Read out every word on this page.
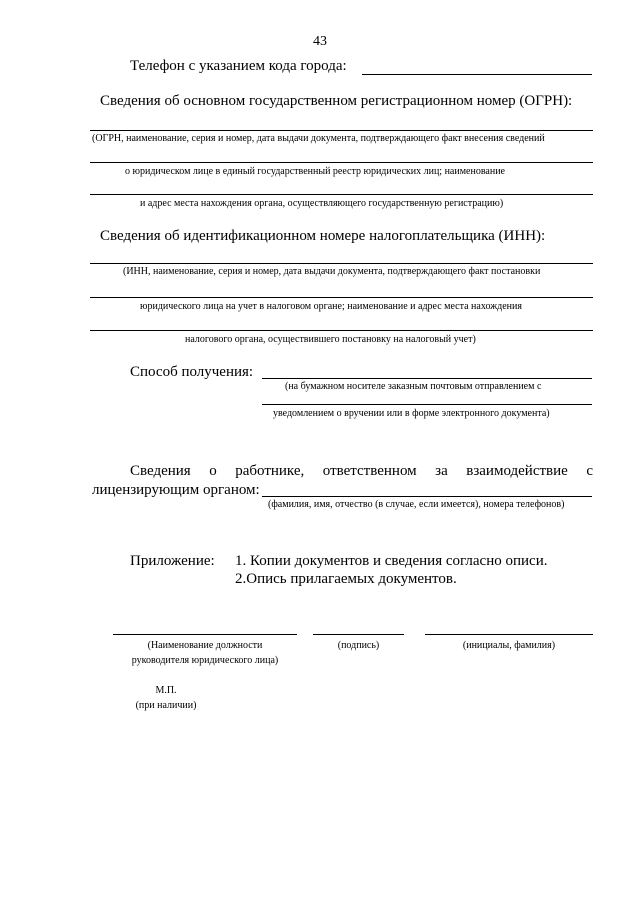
43
Телефон с указанием кода города:
Сведения об основном государственном регистрационном номер (ОГРН):
(ОГРН, наименование, серия и номер, дата выдачи документа, подтверждающего факт внесения сведений
о юридическом лице в единый государственный реестр юридических лиц; наименование
и адрес места нахождения органа, осуществляющего государственную регистрацию)
Сведения об идентификационном номере налогоплательщика (ИНН):
(ИНН, наименование, серия и номер, дата выдачи документа, подтверждающего факт постановки
юридического лица на учет в налоговом органе; наименование и адрес места нахождения
налогового органа, осуществившего постановку на налоговый учет)
Способ получения:
(на бумажном носителе заказным почтовым отправлением с
уведомлением о вручении или в форме электронного документа)
Сведения о работнике, ответственном за взаимодействие с
лицензирующим органом:
(фамилия, имя, отчество (в случае, если имеется), номера телефонов)
Приложение: 1. Копии документов и сведения согласно описи.
2.Опись прилагаемых документов.
(Наименование должности
руководителя юридического лица)
(подпись)	(инициалы, фамилия)
М.П.
(при наличии)
